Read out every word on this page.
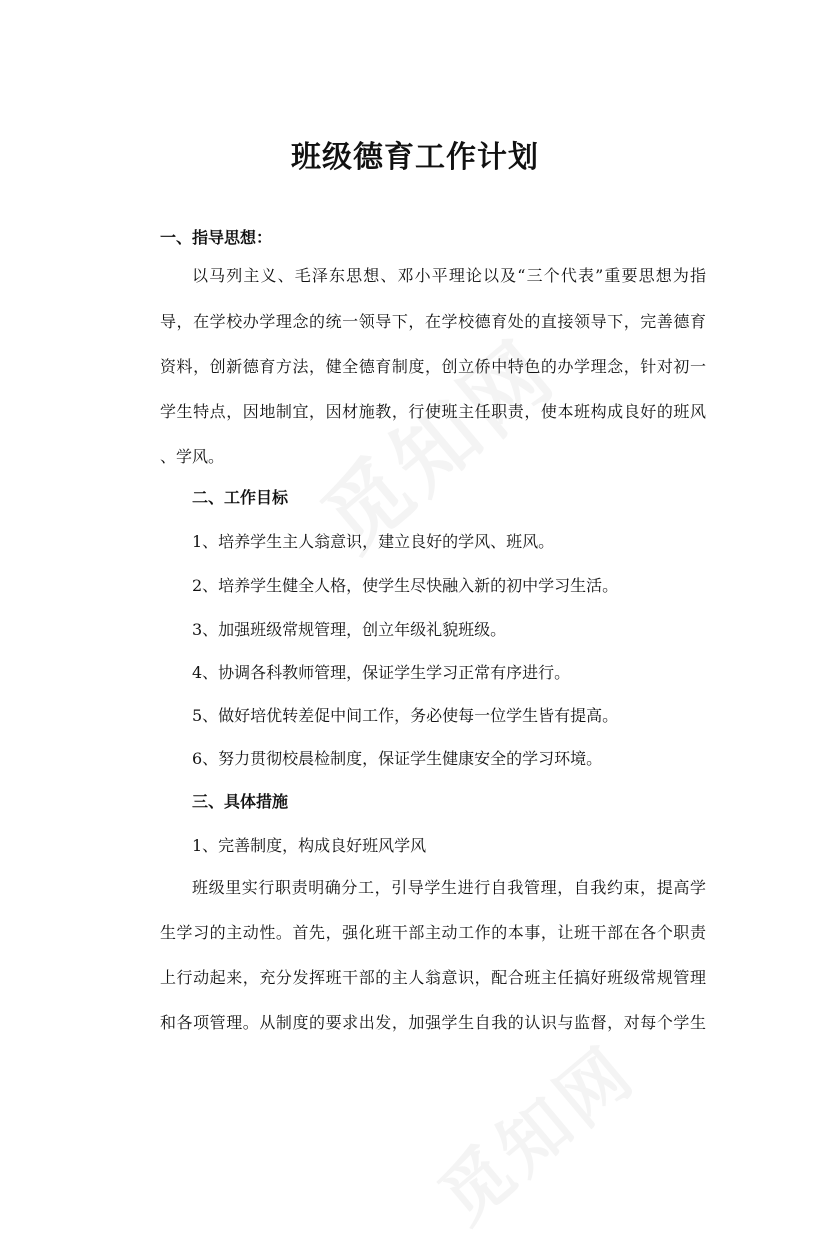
班级德育工作计划
一、指导思想：
以马列主义、毛泽东思想、邓小平理论以及“三个代表”重要思想为指
导，在学校办学理念的统一领导下，在学校德育处的直接领导下，完善德育
资料，创新德育方法，健全德育制度，创立侨中特色的办学理念，针对初一
学生特点，因地制宜，因材施教，行使班主任职责，使本班构成良好的班风
、学风。
二、工作目标
1、培养学生主人翁意识，建立良好的学风、班风。
2、培养学生健全人格，使学生尽快融入新的初中学习生活。
3、加强班级常规管理，创立年级礼貌班级。
4、协调各科教师管理，保证学生学习正常有序进行。
5、做好培优转差促中间工作，务必使每一位学生皆有提高。
6、努力贯彻校晨检制度，保证学生健康安全的学习环境。
三、具体措施
1、完善制度，构成良好班风学风
班级里实行职责明确分工，引导学生进行自我管理，自我约束，提高学
生学习的主动性。首先，强化班干部主动工作的本事，让班干部在各个职责
上行动起来，充分发挥班干部的主人翁意识，配合班主任搞好班级常规管理
和各项管理。从制度的要求出发，加强学生自我的认识与监督，对每个学生
